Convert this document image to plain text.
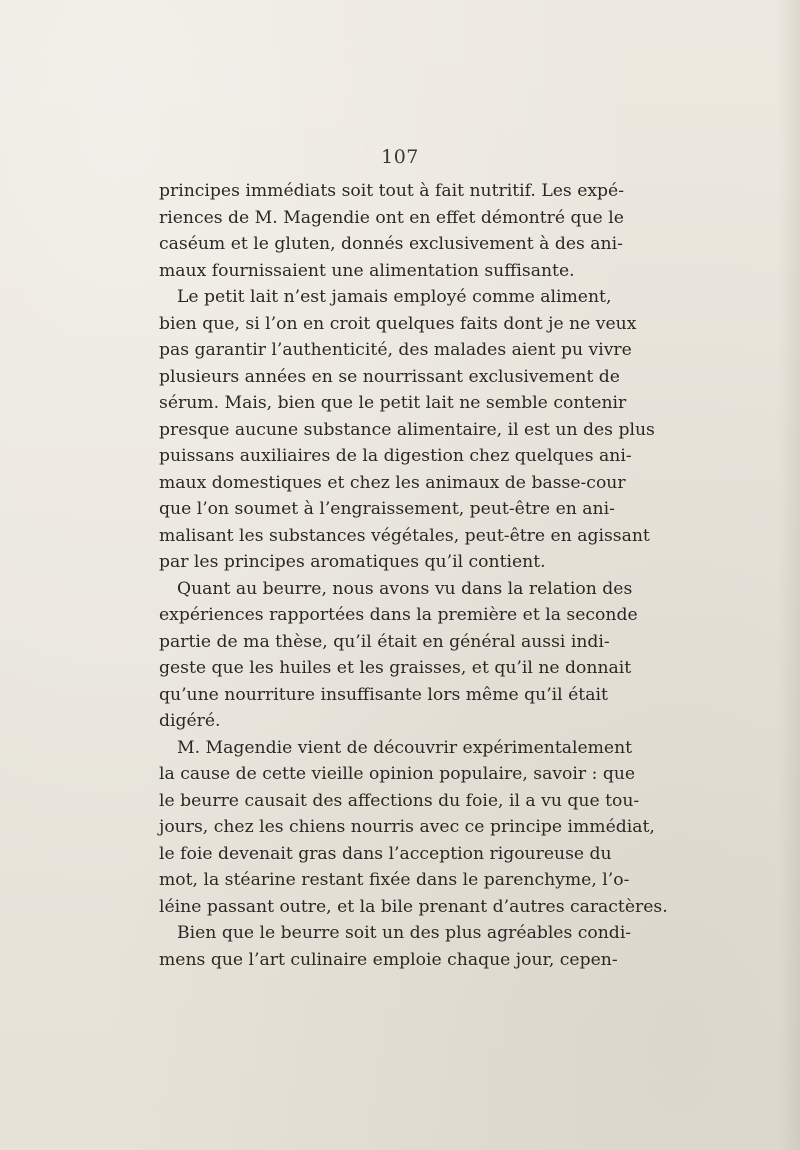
107
principes immédiats soit tout à fait nutritif. Les expé-
riences de M. Magendie ont en effet démontré que le
caséum et le gluten, donnés exclusivement à des ani-
maux fournissaient une alimentation suffisante.
Le petit lait n’est jamais employé comme aliment,
bien que, si l’on en croit quelques faits dont je ne veux
pas garantir l’authenticité, des malades aient pu vivre
plusieurs années en se nourrissant exclusivement de
sérum. Mais, bien que le petit lait ne semble contenir
presque aucune substance alimentaire, il est un des plus
puissans auxiliaires de la digestion chez quelques ani-
maux domestiques et chez les animaux de basse-cour
que l’on soumet à l’engraissement, peut-être en ani-
malisant les substances végétales, peut-être en agissant
par les principes aromatiques qu’il contient.
Quant au beurre, nous avons vu dans la relation des
expériences rapportées dans la première et la seconde
partie de ma thèse, qu’il était en général aussi indi-
geste que les huiles et les graisses, et qu’il ne donnait
qu’une nourriture insuffisante lors même qu’il était
digéré.
M. Magendie vient de découvrir expérimentalement
la cause de cette vieille opinion populaire, savoir : que
le beurre causait des affections du foie, il a vu que tou-
jours, chez les chiens nourris avec ce principe immédiat,
le foie devenait gras dans l’acception rigoureuse du
mot, la stéarine restant fixée dans le parenchyme, l’o-
léine passant outre, et la bile prenant d’autres caractères.
Bien que le beurre soit un des plus agréables condi-
mens que l’art culinaire emploie chaque jour, cepen-
